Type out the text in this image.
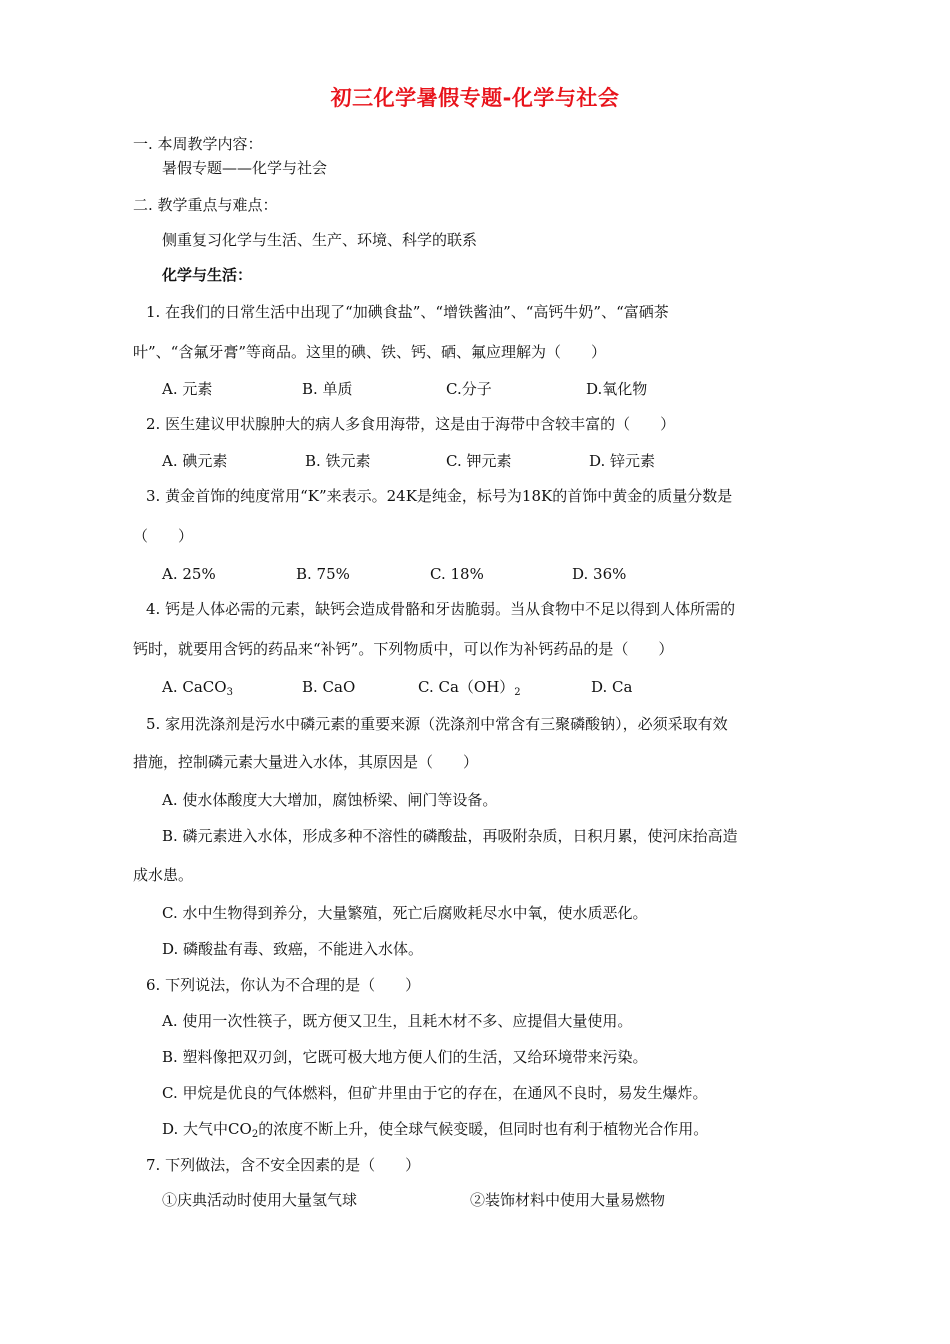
初三化学暑假专题-化学与社会
一. 本周教学内容：
暑假专题——化学与社会
二. 教学重点与难点：
侧重复习化学与生活、生产、环境、科学的联系
化学与生活：
1. 在我们的日常生活中出现了“加碘食盐”、“增铁酱油”、“高钙牛奶”、“富硒茶
叶”、“含氟牙膏”等商品。这里的碘、铁、钙、硒、氟应理解为（　　）
A. 元素	B. 单质	C.分子	D.氧化物
2. 医生建议甲状腺肿大的病人多食用海带，这是由于海带中含较丰富的（　　）
A. 碘元素	B. 铁元素	C. 钾元素	D. 锌元素
3. 黄金首饰的纯度常用“K”来表示。24K是纯金，标号为18K的首饰中黄金的质量分数是
（　　）
A. 25%	B. 75%	C. 18%	D. 36%
4. 钙是人体必需的元素，缺钙会造成骨骼和牙齿脆弱。当从食物中不足以得到人体所需的
钙时，就要用含钙的药品来“补钙”。下列物质中，可以作为补钙药品的是（　　）
A. CaCO$_3$	B. CaO	C. $Ca(OH)_2$	D. Ca
5. 家用洗涤剂是污水中磷元素的重要来源（洗涤剂中常含有三聚磷酸钠），必须采取有效
措施，控制磷元素大量进入水体，其原因是（　　）
A. 使水体酸度大大增加，腐蚀桥梁、闸门等设备。
B. 磷元素进入水体，形成多种不溶性的磷酸盐，再吸附杂质，日积月累，使河床抬高造
成水患。
C. 水中生物得到养分，大量繁殖，死亡后腐败耗尽水中氧，使水质恶化。
D. 磷酸盐有毒、致癌，不能进入水体。
6. 下列说法，你认为不合理的是（　　）
A. 使用一次性筷子，既方便又卫生，且耗木材不多、应提倡大量使用。
B. 塑料像把双刃剑，它既可极大地方便人们的生活，又给环境带来污染。
C. 甲烷是优良的气体燃料，但矿井里由于它的存在，在通风不良时，易发生爆炸。
D. 大气中$CO_2$的浓度不断上升，使全球气候变暖，但同时也有利于植物光合作用。
7. 下列做法，含不安全因素的是（　　）
①庆典活动时使用大量氢气球	②装饰材料中使用大量易燃物
